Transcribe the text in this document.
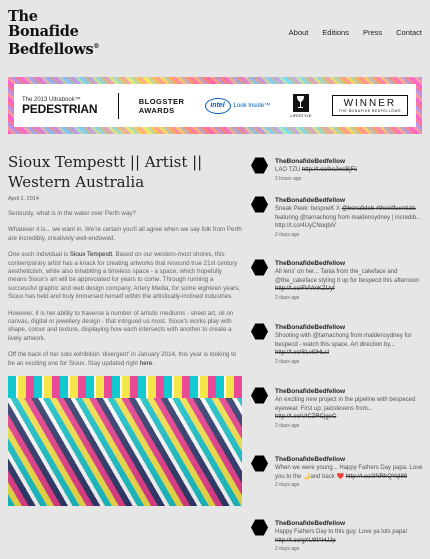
The
Bonafide
Bedfellows®
About Editions Press Contact
The 2013 Ultrabook™
PEDESTRIAN
BLOGSTER
AWARDS	intel	Look Inside™
LIFESTYLE
WINNER
THE BONAFIDE BEDFELLOWS
Sioux Tempestt || Artist || Western Australia
April 1, 2014

Seriously, what is in the water over Perth way?

Whatever it is... we want in. We're certain you'll all agree when we say folk from Perth are incredibly, creatively well-endowed.

One such individual is Sioux Tempestt. Based on our western-most shores, this contemporary artist has a knack for creating artworks that resound true 21st century aestheticism, while also inhabiting a timeless space - a space, which hopefully means Sioux's art will be appreciated for years to come. Through running a successful graphic and web design company, Artery Media, for some eighteen years, Sioux has held and truly immersed herself within the artistically-inclined industries.

However, it is her ability to traverse a number of artistic mediums - street art, oil on canvas, digital or jewellery design - that intrigued us most. Sioux's works play with shape, colour and texture, displaying how each intersects with another to create a lively artwork.

Off the back of her solo exhibition 'divergent' in January 2014, this year is looking to be an exciting one for Sioux. Stay updated right here.

TheBonafideBedfellow
LAO TZU http://t.co/boJwsBjFii
2 hours ago
TheBonafideBedfellow
Sneak Peek: bespoeK X @bonafideb #theinfluentials featuring @tarnachong from maidensydney | incredib... http://t.co/4UyCNoqbiV
2 days ago
TheBonafideBedfellow
All lens' on her... Tania from the_cakeface and @the_cakeface styling it up for bespecd this afternoon http://t.co/FVVmKZUyf
2 days ago
TheBonafideBedfellow
Shooting with @tarnachong from maidensydney for bespecd - watch this space. Art direction by... http://t.co/SLvI0HLsI
2 days ago
TheBonafideBedfellow
An exciting new project in the pipeline with bespeced eyewear. First up: jaiostevens from... http://t.co/UICZRCjgeC
2 days ago
TheBonafideBedfellow
When we were young... Happy Fathers Day papa. Love you to the 🌙and back ❤️ http://t.co/3NRhQYqI89
2 days ago
TheBonafideBedfellow
Happy Fathers Day to this guy. Love ya lots papa! http://t.co/gXU8fAHJJp
2 days ago
